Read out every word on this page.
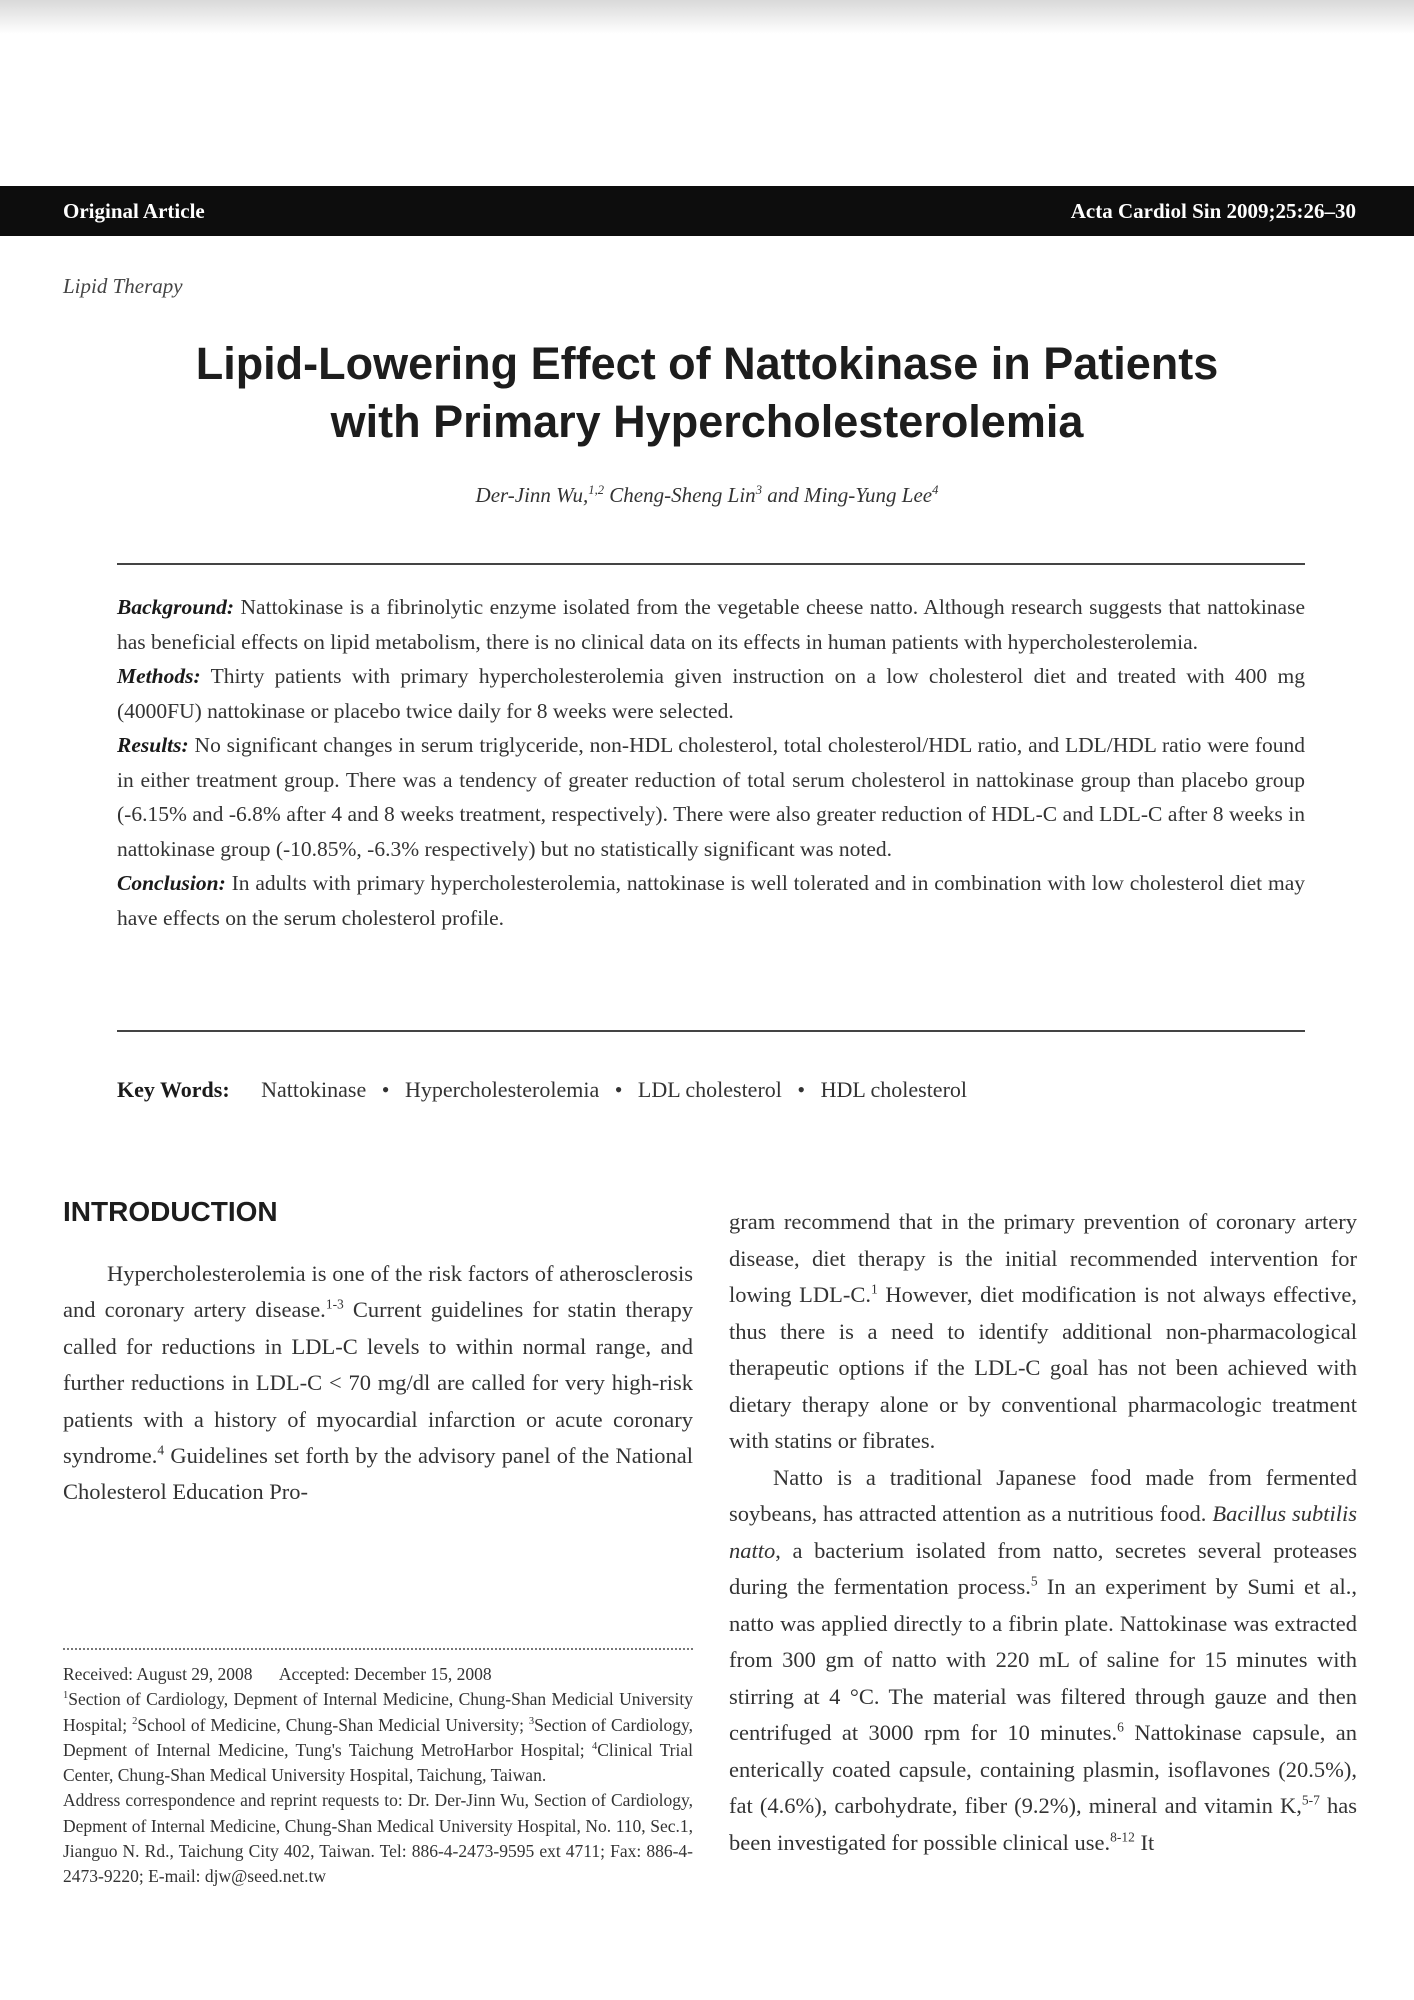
Original Article	Acta Cardiol Sin 2009;25:26–30
Lipid Therapy
Lipid-Lowering Effect of Nattokinase in Patients
with Primary Hypercholesterolemia
Der-Jinn Wu,$^{1,2}$ Cheng-Sheng Lin$^3$ and Ming-Yung Lee$^4$

Background: Nattokinase is a fibrinolytic enzyme isolated from the vegetable cheese natto. Although research suggests that nattokinase has beneficial effects on lipid metabolism, there is no clinical data on its effects in human patients with hypercholesterolemia.

Methods: Thirty patients with primary hypercholesterolemia given instruction on a low cholesterol diet and treated with 400 mg (4000FU) nattokinase or placebo twice daily for 8 weeks were selected.

Results: No significant changes in serum triglyceride, non-HDL cholesterol, total cholesterol/HDL ratio, and LDL/HDL ratio were found in either treatment group. There was a tendency of greater reduction of total serum cholesterol in nattokinase group than placebo group (-6.15% and -6.8% after 4 and 8 weeks treatment, respectively). There were also greater reduction of HDL-C and LDL-C after 8 weeks in nattokinase group (-10.85%, -6.3% respectively) but no statistically significant was noted.

Conclusion: In adults with primary hypercholesterolemia, nattokinase is well tolerated and in combination with low cholesterol diet may have effects on the serum cholesterol profile.

Key Words: Nattokinase • Hypercholesterolemia • LDL cholesterol • HDL cholesterol
INTRODUCTION

Hypercholesterolemia is one of the risk factors of atherosclerosis and coronary artery disease.$^{1-3}$ Current guidelines for statin therapy called for reductions in LDL-C levels to within normal range, and further reductions in LDL-C < 70 mg/dl are called for very high-risk patients with a history of myocardial infarction or acute coronary syndrome.$^4$ Guidelines set forth by the advisory panel of the National Cholesterol Education Pro-

Received: August 29, 2008 Accepted: December 15, 2008

$^1$Section of Cardiology, Depment of Internal Medicine, Chung-Shan Medicial University Hospital; $^2$School of Medicine, Chung-Shan Medicial University; $^3$Section of Cardiology, Depment of Internal Medicine, Tung's Taichung MetroHarbor Hospital; $^4$Clinical Trial Center, Chung-Shan Medical University Hospital, Taichung, Taiwan.

Address correspondence and reprint requests to: Dr. Der-Jinn Wu, Section of Cardiology, Depment of Internal Medicine, Chung-Shan Medical University Hospital, No. 110, Sec.1, Jianguo N. Rd., Taichung City 402, Taiwan. Tel: 886-4-2473-9595 ext 4711; Fax: 886-4-2473-9220; E-mail: djw@seed.net.tw

gram recommend that in the primary prevention of coronary artery disease, diet therapy is the initial recommended intervention for lowing LDL-C.$^1$ However, diet modification is not always effective, thus there is a need to identify additional non-pharmacological therapeutic options if the LDL-C goal has not been achieved with dietary therapy alone or by conventional pharmacologic treatment with statins or fibrates.

Natto is a traditional Japanese food made from fermented soybeans, has attracted attention as a nutritious food. Bacillus subtilis natto, a bacterium isolated from natto, secretes several proteases during the fermentation process.$^5$ In an experiment by Sumi et al., natto was applied directly to a fibrin plate. Nattokinase was extracted from 300 gm of natto with 220 mL of saline for 15 minutes with stirring at 4 °C. The material was filtered through gauze and then centrifuged at 3000 rpm for 10 minutes.$^6$ Nattokinase capsule, an enterically coated capsule, containing plasmin, isoflavones (20.5%), fat (4.6%), carbohydrate, fiber (9.2%), mineral and vitamin K,$^{5-7}$ has been investigated for possible clinical use.$^{8-12}$ It
